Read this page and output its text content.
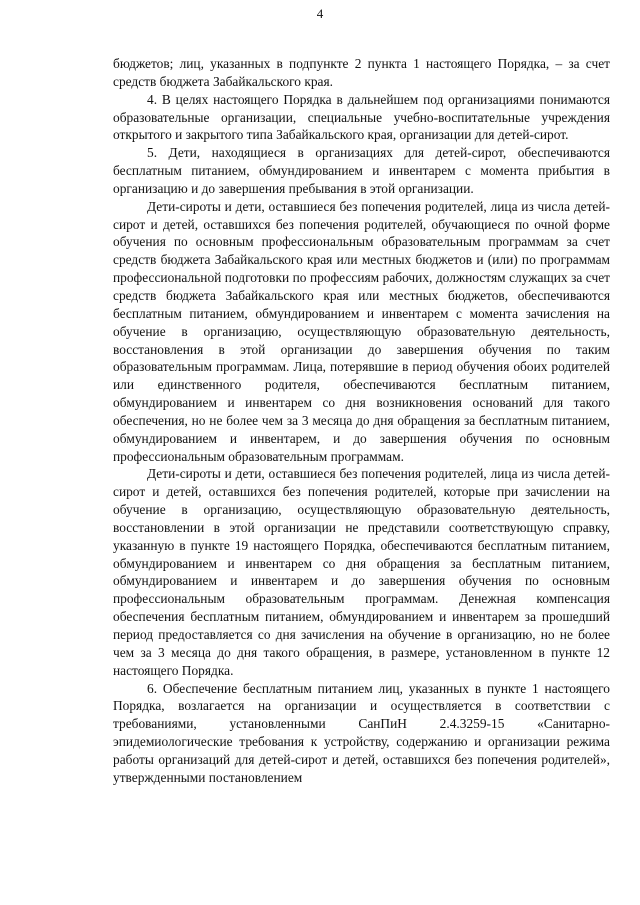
4

бюджетов; лиц, указанных в подпункте 2 пункта 1 настоящего Порядка, – за счет средств бюджета Забайкальского края.

4. В целях настоящего Порядка в дальнейшем под организациями понимаются образовательные организации, специальные учебно-воспитательные учреждения открытого и закрытого типа Забайкальского края, организации для детей-сирот.

5. Дети, находящиеся в организациях для детей-сирот, обеспечиваются бесплатным питанием, обмундированием и инвентарем с момента прибытия в организацию и до завершения пребывания в этой организации.

Дети-сироты и дети, оставшиеся без попечения родителей, лица из числа детей-сирот и детей, оставшихся без попечения родителей, обучающиеся по очной форме обучения по основным профессиональным образовательным программам за счет средств бюджета Забайкальского края или местных бюджетов и (или) по программам профессиональной подготовки по профессиям рабочих, должностям служащих за счет средств бюджета Забайкальского края или местных бюджетов, обеспечиваются бесплатным питанием, обмундированием и инвентарем с момента зачисления на обучение в организацию, осуществляющую образовательную деятельность, восстановления в этой организации до завершения обучения по таким образовательным программам. Лица, потерявшие в период обучения обоих родителей или единственного родителя, обеспечиваются бесплатным питанием, обмундированием и инвентарем со дня возникновения оснований для такого обеспечения, но не более чем за 3 месяца до дня обращения за бесплатным питанием, обмундированием и инвентарем, и до завершения обучения по основным профессиональным образовательным программам.

Дети-сироты и дети, оставшиеся без попечения родителей, лица из числа детей-сирот и детей, оставшихся без попечения родителей, которые при зачислении на обучение в организацию, осуществляющую образовательную деятельность, восстановлении в этой организации не представили соответствующую справку, указанную в пункте 19 настоящего Порядка, обеспечиваются бесплатным питанием, обмундированием и инвентарем со дня обращения за бесплатным питанием, обмундированием и инвентарем и до завершения обучения по основным профессиональным образовательным программам. Денежная компенсация обеспечения бесплатным питанием, обмундированием и инвентарем за прошедший период предоставляется со дня зачисления на обучение в организацию, но не более чем за 3 месяца до дня такого обращения, в размере, установленном в пункте 12 настоящего Порядка.

6. Обеспечение бесплатным питанием лиц, указанных в пункте 1 настоящего Порядка, возлагается на организации и осуществляется в соответствии с требованиями, установленными СанПиН 2.4.3259-15 «Санитарно-эпидемиологические требования к устройству, содержанию и организации режима работы организаций для детей-сирот и детей, оставшихся без попечения родителей», утвержденными постановлением
